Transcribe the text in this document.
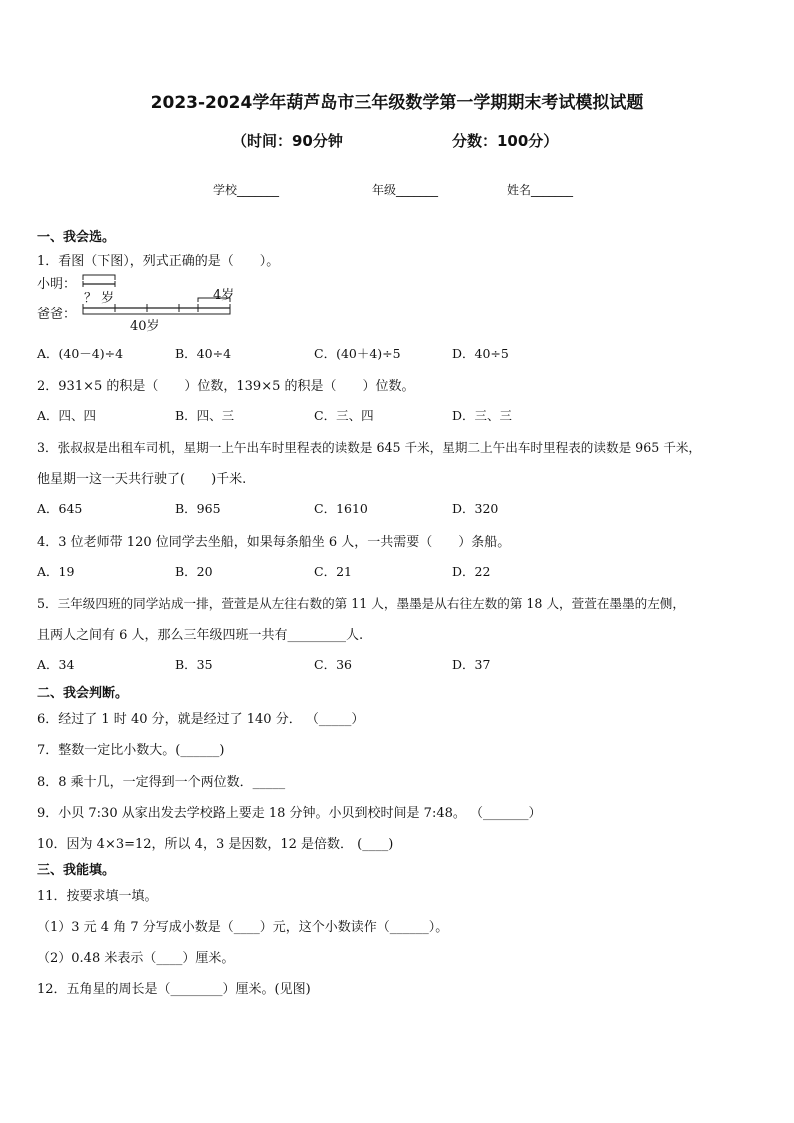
2023-2024学年葫芦岛市三年级数学第一学期期末考试模拟试题
（时间：90分钟	分数：100分）
学校_______	年级_______	姓名_______
一、我会选。
1．看图（下图），列式正确的是（　　）。
小明：
爸爸：
？ 岁	4岁
40岁
A．(40－4)÷4	B．40÷4	C．(40＋4)÷5	D．40÷5
2．931×5 的积是（　　）位数，139×5 的积是（　　）位数。
A．四、四	B．四、三	C．三、四	D．三、三
3．张叔叔是出租车司机，星期一上午出车时里程表的读数是 645 千米，星期二上午出车时里程表的读数是 965 千米，
他星期一这一天共行驶了(　　)千米.
A．645	B．965	C．1610	D．320
4．3 位老师带 120 位同学去坐船，如果每条船坐 6 人，一共需要（　　）条船。
A．19	B．20	C．21	D．22
5．三年级四班的同学站成一排，萱萱是从左往右数的第 11 人，墨墨是从右往左数的第 18 人，萱萱在墨墨的左侧，
且两人之间有 6 人，那么三年级四班一共有_________人.
A．34	B．35	C．36	D．37
二、我会判断。
6．经过了 1 时 40 分，就是经过了 140 分． （_____）
7．整数一定比小数大。(______)
8．8 乘十几，一定得到一个两位数．_____
9．小贝 7:30 从家出发去学校路上要走 18 分钟。小贝到校时间是 7:48。 （_______）
10．因为 4×3=12，所以 4，3 是因数，12 是倍数． (____)
三、我能填。
11．按要求填一填。
（1）3 元 4 角 7 分写成小数是（____）元，这个小数读作（______）。
（2）0.48 米表示（____）厘米。
12．五角星的周长是（________）厘米。(见图)
